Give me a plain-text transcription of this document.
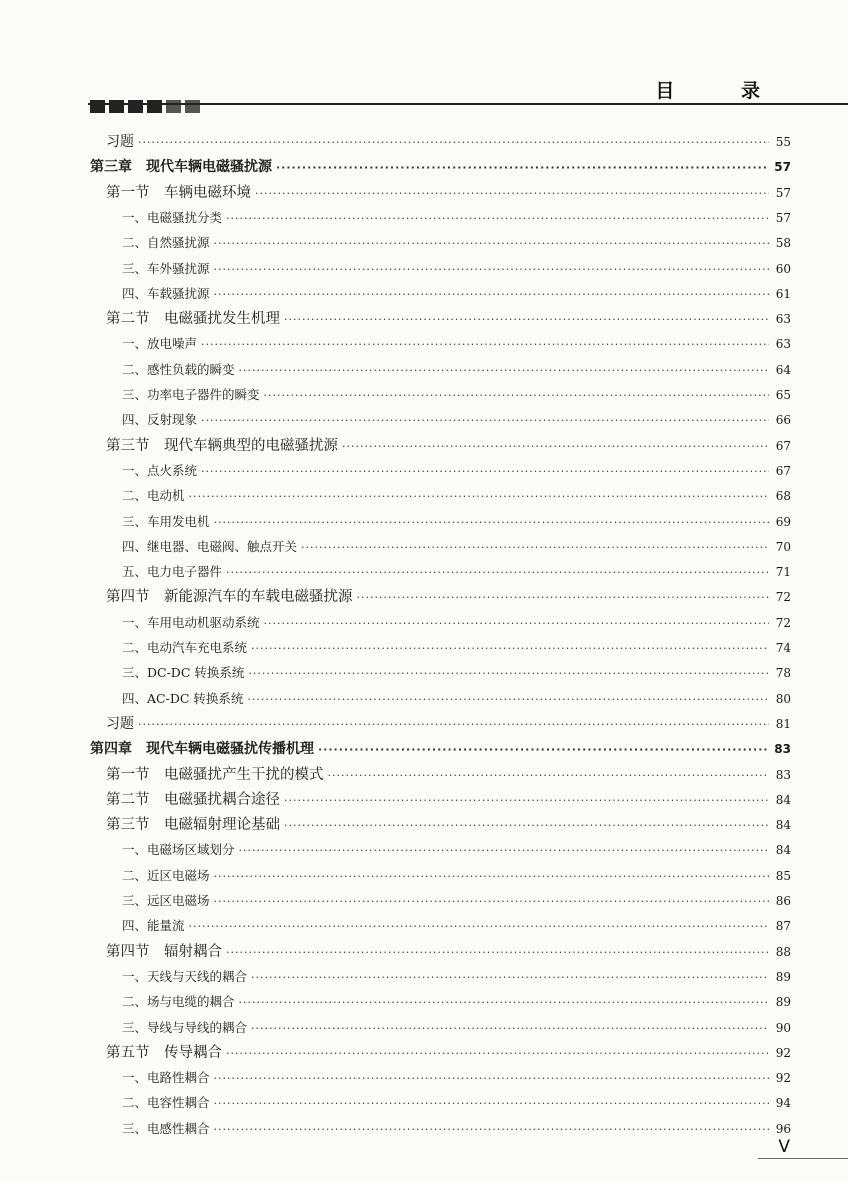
目 录
习题 ·····	55
第三章　现代车辆电磁骚扰源 ·····	57
第一节　车辆电磁环境 ·····	57
一、电磁骚扰分类 ·····	57
二、自然骚扰源 ·····	58
三、车外骚扰源 ·····	60
四、车载骚扰源 ·····	61
第二节　电磁骚扰发生机理 ·····	63
一、放电噪声 ·····	63
二、感性负载的瞬变 ·····	64
三、功率电子器件的瞬变 ·····	65
四、反射现象 ·····	66
第三节　现代车辆典型的电磁骚扰源 ·····	67
一、点火系统 ·····	67
二、电动机 ·····	68
三、车用发电机 ·····	69
四、继电器、电磁阀、触点开关 ·····	70
五、电力电子器件 ·····	71
第四节　新能源汽车的车载电磁骚扰源 ·····	72
一、车用电动机驱动系统 ·····	72
二、电动汽车充电系统 ·····	74
三、DC-DC 转换系统 ·····	78
四、AC-DC 转换系统 ·····	80
习题 ·····	81
第四章　现代车辆电磁骚扰传播机理 ·····	83
第一节　电磁骚扰产生干扰的模式 ·····	83
第二节　电磁骚扰耦合途径 ·····	84
第三节　电磁辐射理论基础 ·····	84
一、电磁场区域划分 ·····	84
二、近区电磁场 ·····	85
三、远区电磁场 ·····	86
四、能量流 ·····	87
第四节　辐射耦合 ·····	88
一、天线与天线的耦合 ·····	89
二、场与电缆的耦合 ·····	89
三、导线与导线的耦合 ·····	90
第五节　传导耦合 ·····	92
一、电路性耦合 ·····	92
二、电容性耦合 ·····	94
三、电感性耦合 ·····	96
V
